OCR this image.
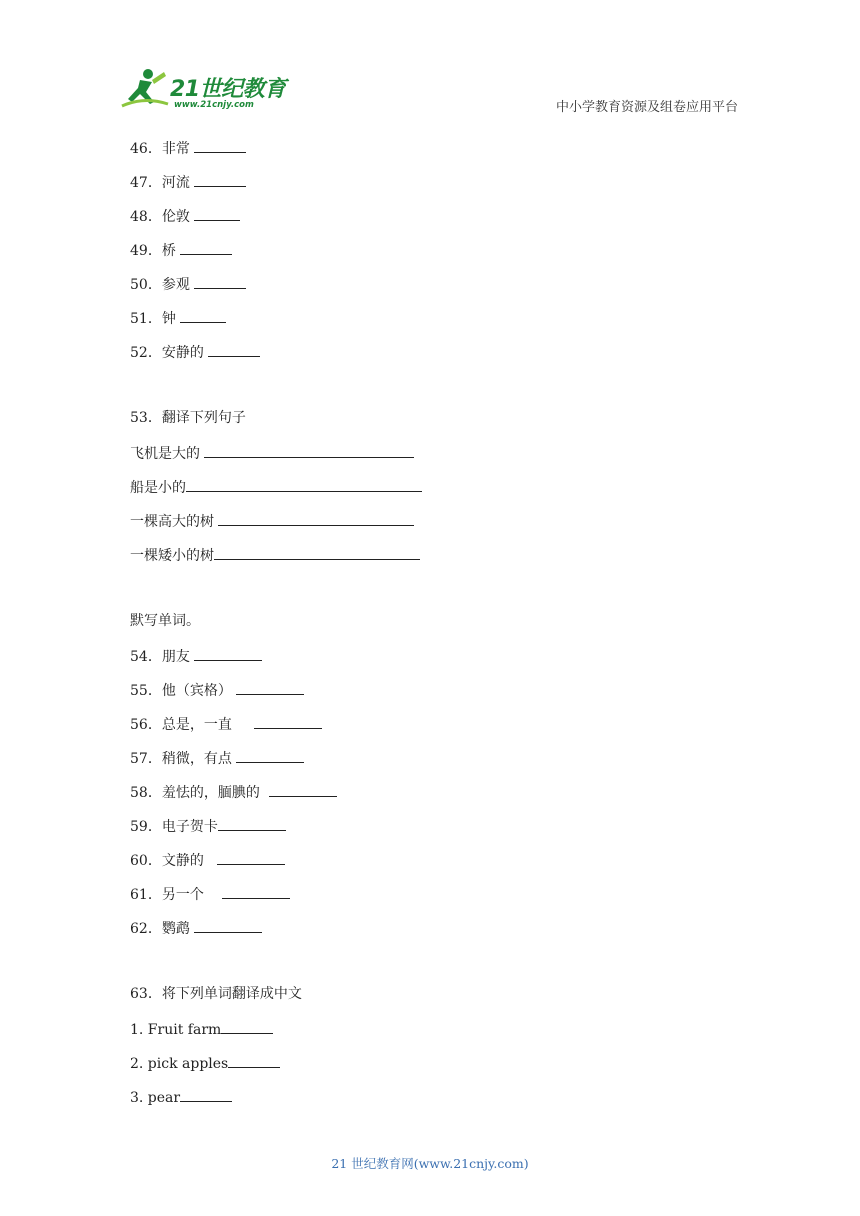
21世纪教育
www.21cnjy.com	中小学教育资源及组卷应用平台
46．非常
47．河流
48．伦敦
49．桥
50．参观
51．钟
52．安静的
53．翻译下列句子
飞机是大的
船是小的
一棵高大的树
一棵矮小的树
默写单词。
54．朋友
55．他（宾格）
56．总是，一直
57．稍微，有点
58．羞怯的，腼腆的
59．电子贺卡
60．文静的
61．另一个
62．鹦鹉
63．将下列单词翻译成中文
1. Fruit farm
2. pick apples
3. pear
21 世纪教育网(www.21cnjy.com)
